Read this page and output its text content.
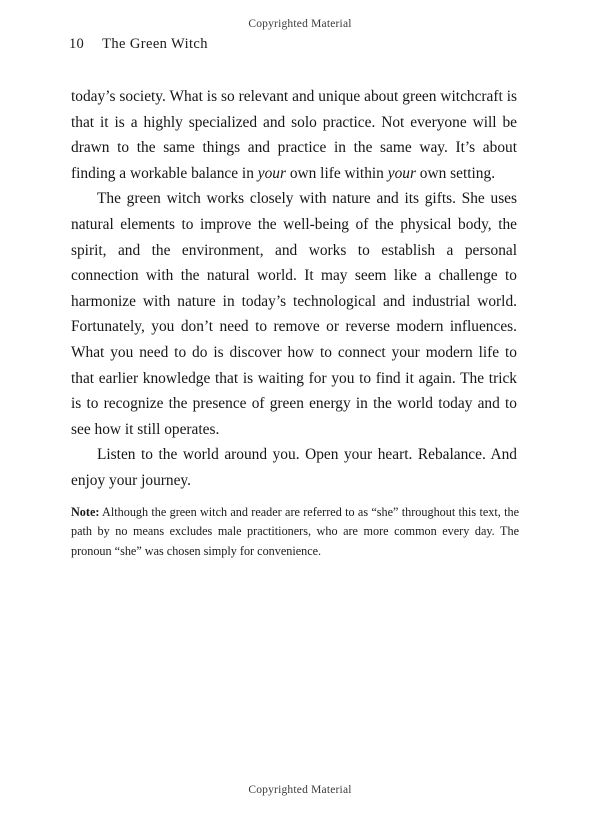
Copyrighted Material
10 The Green Witch

today’s society. What is so relevant and unique about green witchcraft is that it is a highly specialized and solo practice. Not everyone will be drawn to the same things and practice in the same way. It’s about finding a workable balance in your own life within your own setting.

The green witch works closely with nature and its gifts. She uses natural elements to improve the well-being of the physical body, the spirit, and the environment, and works to establish a personal connection with the natural world. It may seem like a challenge to harmonize with nature in today’s technological and industrial world. Fortunately, you don’t need to remove or reverse modern influences. What you need to do is discover how to connect your modern life to that earlier knowledge that is waiting for you to find it again. The trick is to recognize the presence of green energy in the world today and to see how it still operates.

Listen to the world around you. Open your heart. Rebalance. And enjoy your journey.

Note: Although the green witch and reader are referred to as “she” throughout this text, the path by no means excludes male practitioners, who are more common every day. The pronoun “she” was chosen simply for convenience.
Copyrighted Material
